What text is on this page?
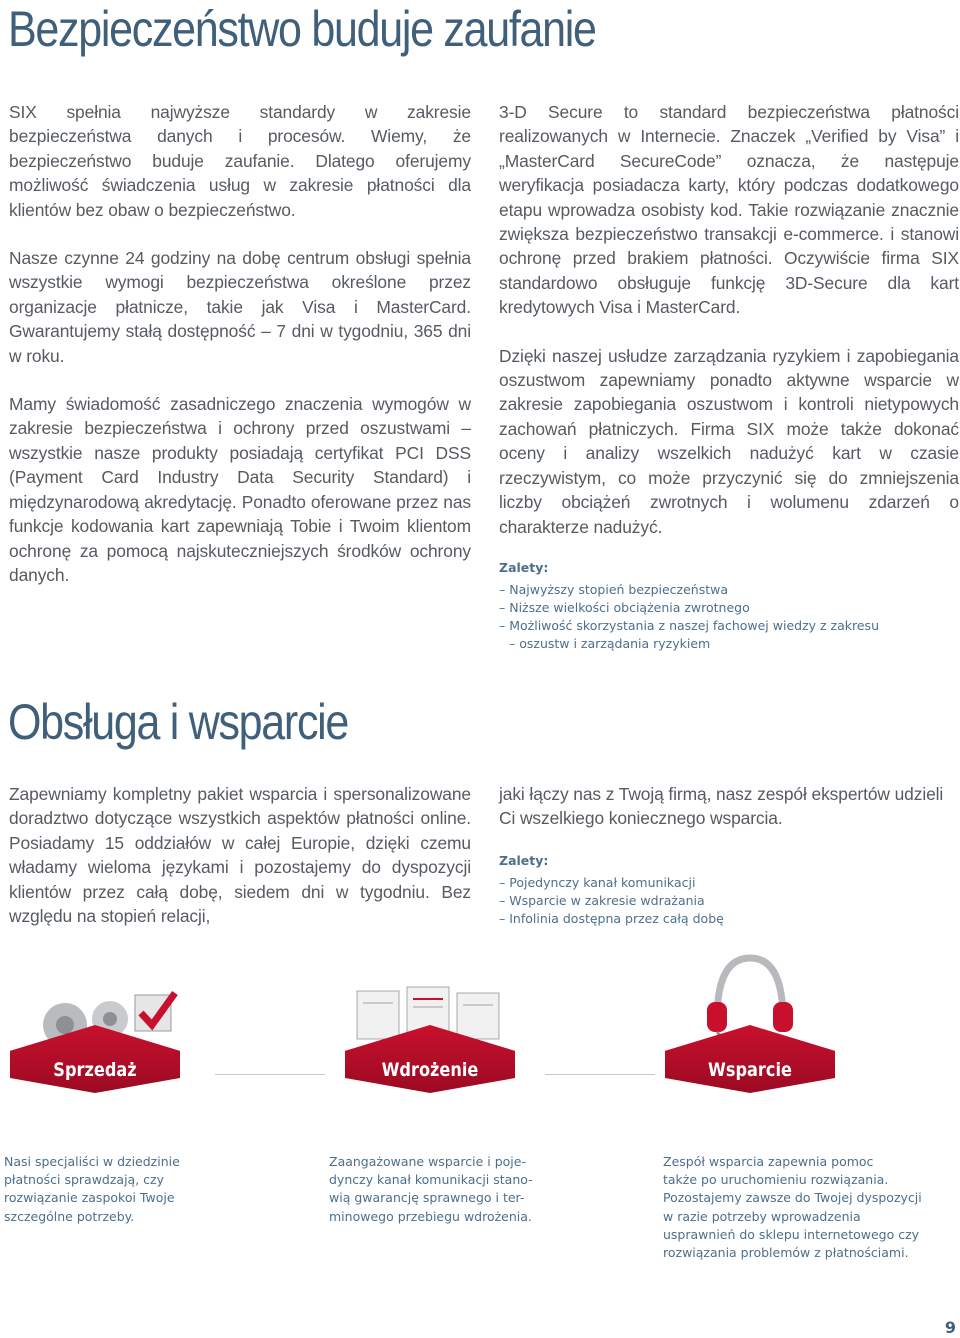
Bezpieczeństwo buduje zaufanie

SIX spełnia najwyższe standardy w zakresie bezpieczeństwa danych i procesów. Wiemy, że bezpieczeństwo buduje zaufanie. Dlatego oferujemy możliwość świadczenia usług w zakresie płatności dla klientów bez obaw o bezpieczeństwo.

Nasze czynne 24 godziny na dobę centrum obsługi spełnia wszystkie wymogi bezpieczeństwa określone przez organizacje płatnicze, takie jak Visa i MasterCard. Gwarantujemy stałą dostępność – 7 dni w tygodniu, 365 dni w roku.

Mamy świadomość zasadniczego znaczenia wymogów w zakresie bezpieczeństwa i ochrony przed oszustwami – wszystkie nasze produkty posiadają certyfikat PCI DSS (Payment Card Industry Data Security Standard) i międzynarodową akredytację. Ponadto oferowane przez nas funkcje kodowania kart zapewniają Tobie i Twoim klientom ochronę za pomocą najskuteczniejszych środków ochrony danych.

3-D Secure to standard bezpieczeństwa płatności realizowanych w Internecie. Znaczek „Verified by Visa” i „MasterCard SecureCode” oznacza, że następuje weryfikacja posiadacza karty, który podczas dodatkowego etapu wprowadza osobisty kod. Takie rozwiązanie znacznie zwiększa bezpieczeństwo transakcji e-commerce. i stanowi ochronę przed brakiem płatności. Oczywiście firma SIX standardowo obsługuje funkcję 3D-Secure dla kart kredytowych Visa i MasterCard.

Dzięki naszej usłudze zarządzania ryzykiem i zapobiegania oszustwom zapewniamy ponadto aktywne wsparcie w zakresie zapobiegania oszustwom i kontroli nietypowych zachowań płatniczych. Firma SIX może także dokonać oceny i analizy wszelkich nadużyć kart w czasie rzeczywistym, co może przyczynić się do zmniejszenia liczby obciążeń zwrotnych i wolumenu zdarzeń o charakterze nadużyć.

Zalety:
– Najwyższy stopień bezpieczeństwa
– Niższe wielkości obciążenia zwrotnego
– Możliwość skorzystania z naszej fachowej wiedzy z zakresu
– oszustw i zarządania ryzykiem
Obsługa i wsparcie

Zapewniamy kompletny pakiet wsparcia i spersonalizowane doradztwo dotyczące wszystkich aspektów płatności online. Posiadamy 15 oddziałów w całej Europie, dzięki czemu władamy wieloma językami i pozostajemy do dyspozycji klientów przez całą dobę, siedem dni w tygodniu. Bez względu na stopień relacji,

jaki łączy nas z Twoją firmą, nasz zespół ekspertów udzieli Ci wszelkiego koniecznego wsparcia.

Zalety:
– Pojedynczy kanał komunikacji
– Wsparcie w zakresie wdrażania
– Infolinia dostępna przez całą dobę
Sprzedaż	Wdrożenie	Wsparcie
Nasi specjaliści w dziedzinie
płatności sprawdzają, czy
rozwiązanie zaspokoi Twoje
szczególne potrzeby.
Zaangażowane wsparcie i poje-
dynczy kanał komunikacji stano-
wią gwarancję sprawnego i ter-
minowego przebiegu wdrożenia.
Zespół wsparcia zapewnia pomoc
także po uruchomieniu rozwiązania.
Pozostajemy zawsze do Twojej dyspozycji
w razie potrzeby wprowadzenia
usprawnień do sklepu internetowego czy
rozwiązania problemów z płatnościami.
9
